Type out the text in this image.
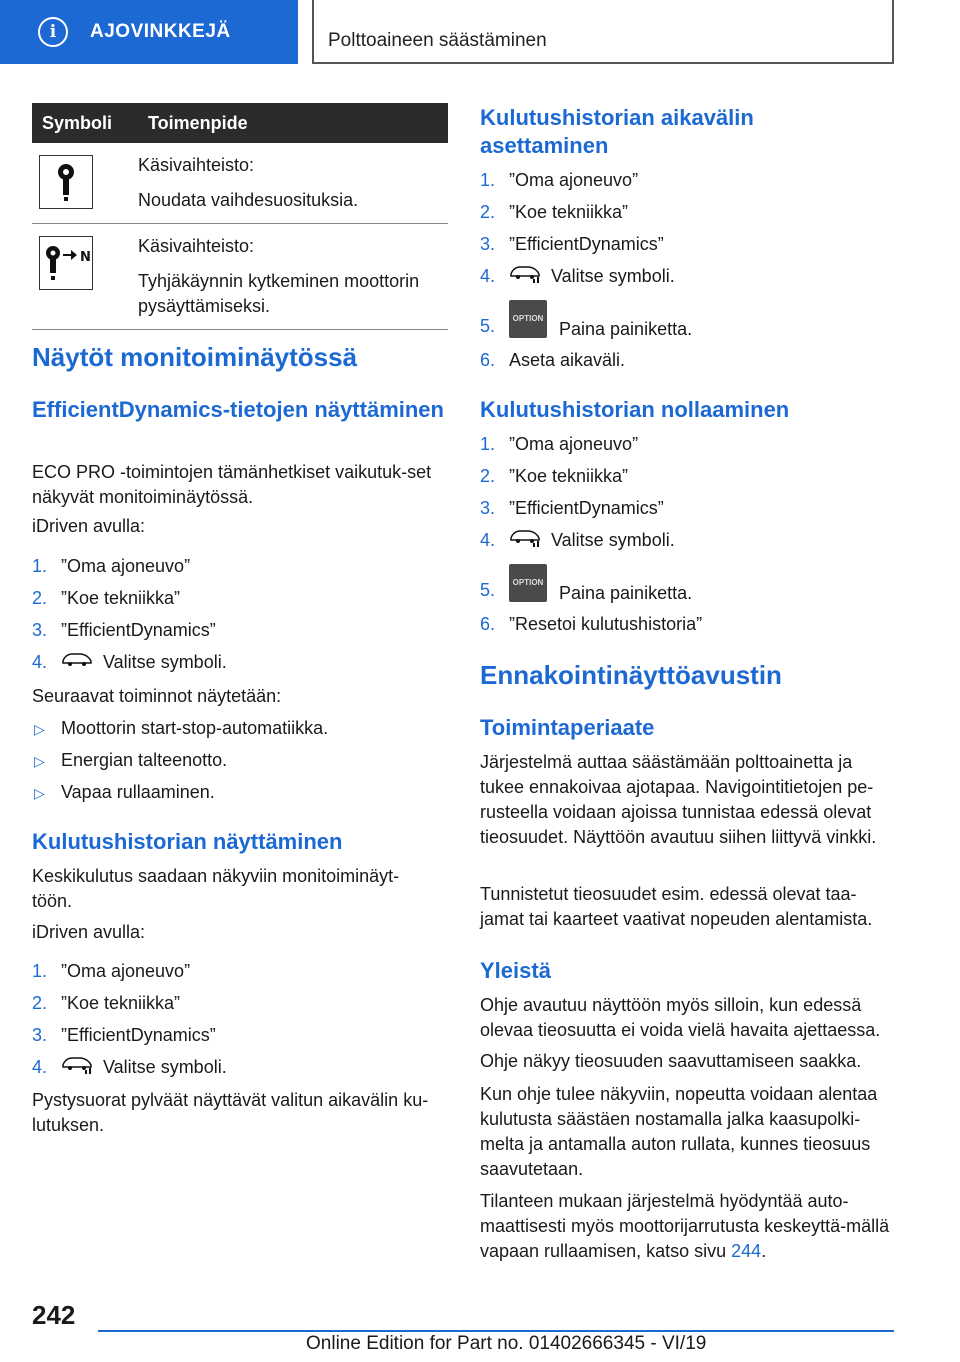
i	AJOVINKKEJÄ	Polttoaineen säästäminen
Symboli	Toimenpide

Käsivaihteisto:

Noudata vaihdesuosituksia.

N	Käsivaihteisto:

Tyhjäkäynnin kytkeminen moottorin pysäyttämiseksi.

Näytöt monitoiminäytössä
EfficientDynamics-tietojen näyttäminen

ECO PRO -toimintojen tämänhetkiset vaikutuk‐set näkyvät monitoiminäytössä.

iDriven avulla:

1. ”Oma ajoneuvo”
2. ”Koe tekniikka”
3. ”EfficientDynamics”
4.	Valitse symboli.

Seuraavat toiminnot näytetään:

▷ Moottorin start-stop-automatiikka.
▷ Energian talteenotto.
▷ Vapaa rullaaminen.
Kulutushistorian näyttäminen

Keskikulutus saadaan näkyviin monitoiminäyt‐töön.

iDriven avulla:

1. ”Oma ajoneuvo”
2. ”Koe tekniikka”
3. ”EfficientDynamics”
4.	Valitse symboli.

Pystysuorat pylväät näyttävät valitun aikavälin ku‐lutuksen.

Kulutushistorian aikavälin asettaminen
1. ”Oma ajoneuvo”
2. ”Koe tekniikka”
3. ”EfficientDynamics”
4.	Valitse symboli.
5.	OPTION
Paina painiketta.
6. Aseta aikaväli.
Kulutushistorian nollaaminen
1. ”Oma ajoneuvo”
2. ”Koe tekniikka”
3. ”EfficientDynamics”
4.	Valitse symboli.
5.	OPTION
Paina painiketta.
6. ”Resetoi kulutushistoria”
Ennakointinäyttöavustin
Toimintaperiaate

Järjestelmä auttaa säästämään polttoainetta ja tukee ennakoivaa ajotapaa. Navigointitietojen pe‐rusteella voidaan ajoissa tunnistaa edessä olevat tieosuudet. Näyttöön avautuu siihen liittyvä vinkki.

Tunnistetut tieosuudet esim. edessä olevat taa‐jamat tai kaarteet vaativat nopeuden alentamista.

Yleistä

Ohje avautuu näyttöön myös silloin, kun edessä olevaa tieosuutta ei voida vielä havaita ajettaessa.

Ohje näkyy tieosuuden saavuttamiseen saakka.

Kun ohje tulee näkyviin, nopeutta voidaan alentaa kulutusta säästäen nostamalla jalka kaasupolki‐melta ja antamalla auton rullata, kunnes tieosuus saavutetaan.

Tilanteen mukaan järjestelmä hyödyntää auto‐maattisesti myös moottorijarrutusta keskeyttä‐mällä vapaan rullaamisen, katso sivu 244.

242
Online Edition for Part no. 01402666345 - VI/19
